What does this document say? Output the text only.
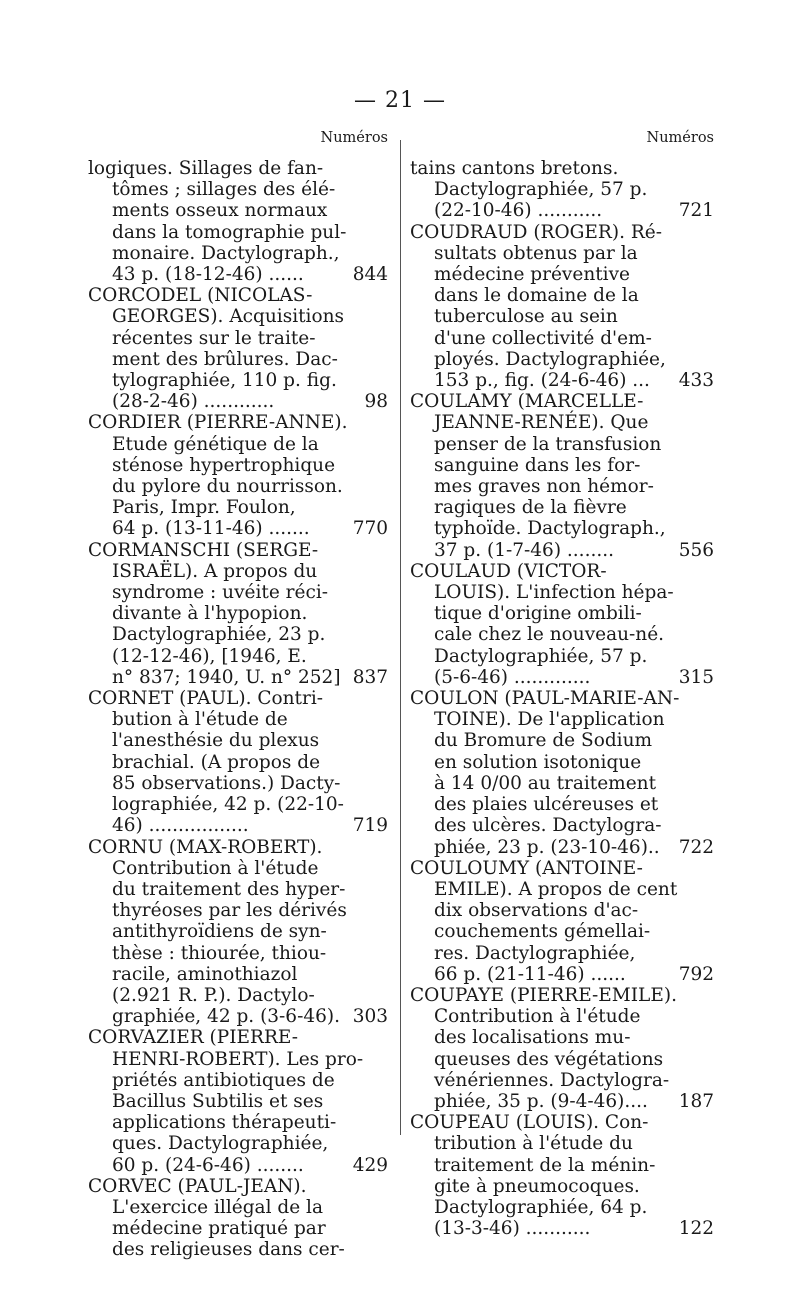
— 21 —
Numéros
logiques. Sillages de fan-
tômes ; sillages des élé-
ments osseux normaux
dans la tomographie pul-
monaire. Dactylograph.,
43 p. (18-12-46) ......	844
CORCODEL (NICOLAS-
GEORGES). Acquisitions
récentes sur le traite-
ment des brûlures. Dac-
tylographiée, 110 p. fig.
(28-2-46) ............	98
CORDIER (PIERRE-ANNE).
Etude génétique de la
sténose hypertrophique
du pylore du nourrisson.
Paris, Impr. Foulon,
64 p. (13-11-46) .......	770
CORMANSCHI (SERGE-
ISRAËL). A propos du
syndrome : uvéite réci-
divante à l'hypopion.
Dactylographiée, 23 p.
(12-12-46), [1946, E.
n° 837; 1940, U. n° 252] 837
CORNET (PAUL). Contri-
bution à l'étude de
l'anesthésie du plexus
brachial. (A propos de
85 observations.) Dacty-
lographiée, 42 p. (22-10-
46) .................	719
CORNU (MAX-ROBERT).
Contribution à l'étude
du traitement des hyper-
thyréoses par les dérivés
antithyroïdiens de syn-
thèse : thiourée, thiou-
racile, aminothiazol
(2.921 R. P.). Dactylo-
graphiée, 42 p. (3-6-46). 303
CORVAZIER (PIERRE-
HENRI-ROBERT). Les pro-
priétés antibiotiques de
Bacillus Subtilis et ses
applications thérapeuti-
ques. Dactylographiée,
60 p. (24-6-46) ........	429
CORVEC (PAUL-JEAN).
L'exercice illégal de la
médecine pratiqué par
des religieuses dans cer-
Numéros
tains cantons bretons.
Dactylographiée, 57 p.
(22-10-46) ...........	721
COUDRAUD (ROGER). Ré-
sultats obtenus par la
médecine préventive
dans le domaine de la
tuberculose au sein
d'une collectivité d'em-
ployés. Dactylographiée,
153 p., fig. (24-6-46) ...	433
COULAMY (MARCELLE-
JEANNE-RENÉE). Que
penser de la transfusion
sanguine dans les for-
mes graves non hémor-
ragiques de la fièvre
typhoïde. Dactylograph.,
37 p. (1-7-46) ........	556
COULAUD (VICTOR-
LOUIS). L'infection hépa-
tique d'origine ombili-
cale chez le nouveau-né.
Dactylographiée, 57 p.
(5-6-46) .............	315
COULON (PAUL-MARIE-AN-
TOINE). De l'application
du Bromure de Sodium
en solution isotonique
à 14 0/00 au traitement
des plaies ulcéreuses et
des ulcères. Dactylogra-
phiée, 23 p. (23-10-46)..	722
COULOUMY (ANTOINE-
EMILE). A propos de cent
dix observations d'ac-
couchements gémellai-
res. Dactylographiée,
66 p. (21-11-46) ......	792
COUPAYE (PIERRE-EMILE).
Contribution à l'étude
des localisations mu-
queuses des végétations
vénériennes. Dactylogra-
phiée, 35 p. (9-4-46)....	187
COUPEAU (LOUIS). Con-
tribution à l'étude du
traitement de la ménin-
gite à pneumocoques.
Dactylographiée, 64 p.
(13-3-46) ...........	122
